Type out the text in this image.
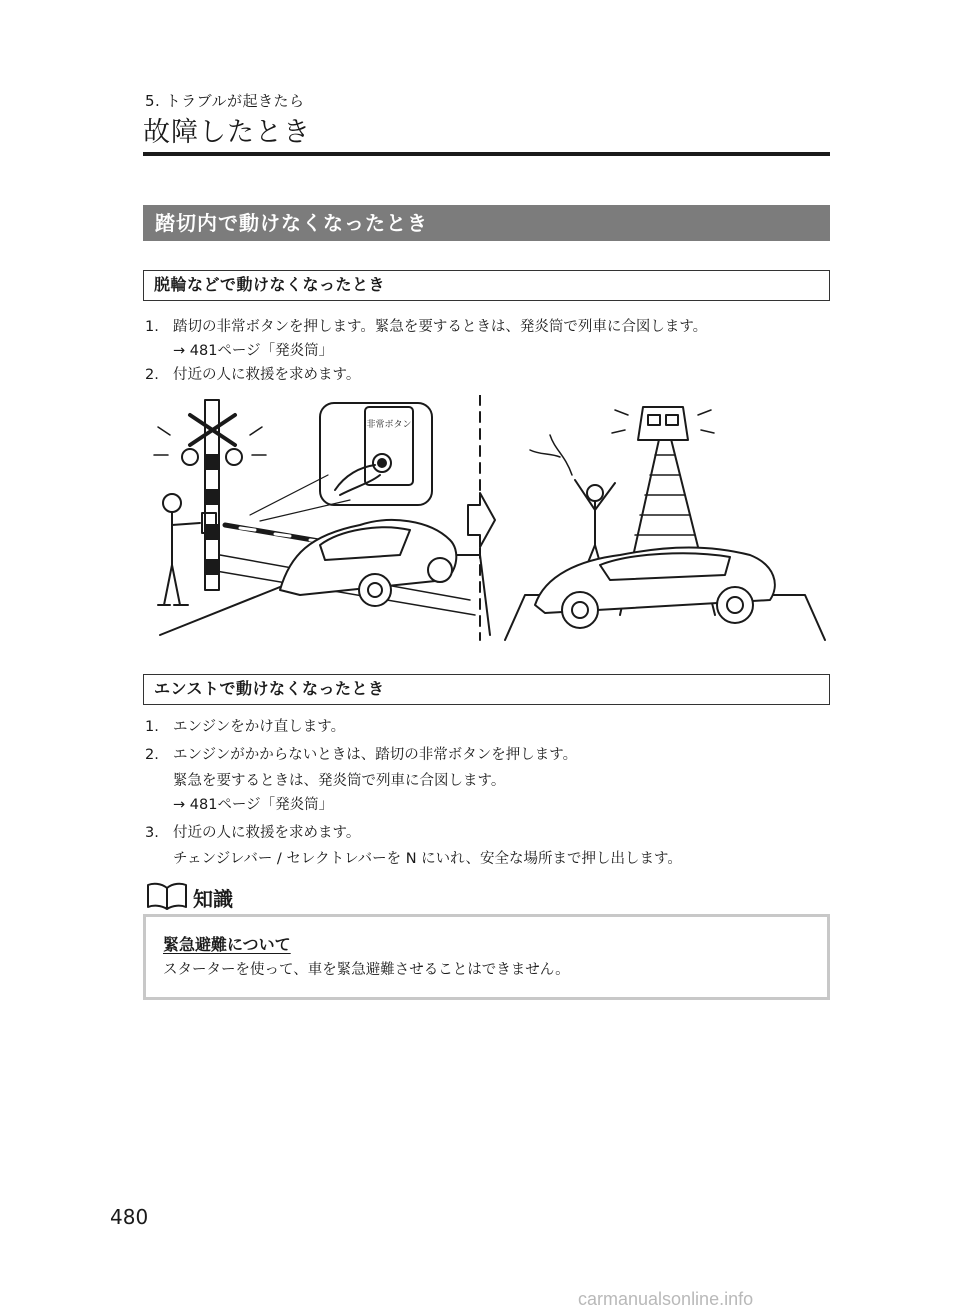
5. トラブルが起きたら
故障したとき
踏切内で動けなくなったとき
脱輪などで動けなくなったとき
1. 踏切の非常ボタンを押します。緊急を要するときは、発炎筒で列車に合図します。
→ 481ページ「発炎筒」
2. 付近の人に救援を求めます。
非常ボタン
エンストで動けなくなったとき
1. エンジンをかけ直します。
2. エンジンがかからないときは、踏切の非常ボタンを押します。
緊急を要するときは、発炎筒で列車に合図します。
→ 481ページ「発炎筒」
3. 付近の人に救援を求めます。
チェンジレバー / セレクトレバーを N にいれ、安全な場所まで押し出します。
知識
緊急避難について
スターターを使って、車を緊急避難させることはできません。
480
carmanualsonline.info
